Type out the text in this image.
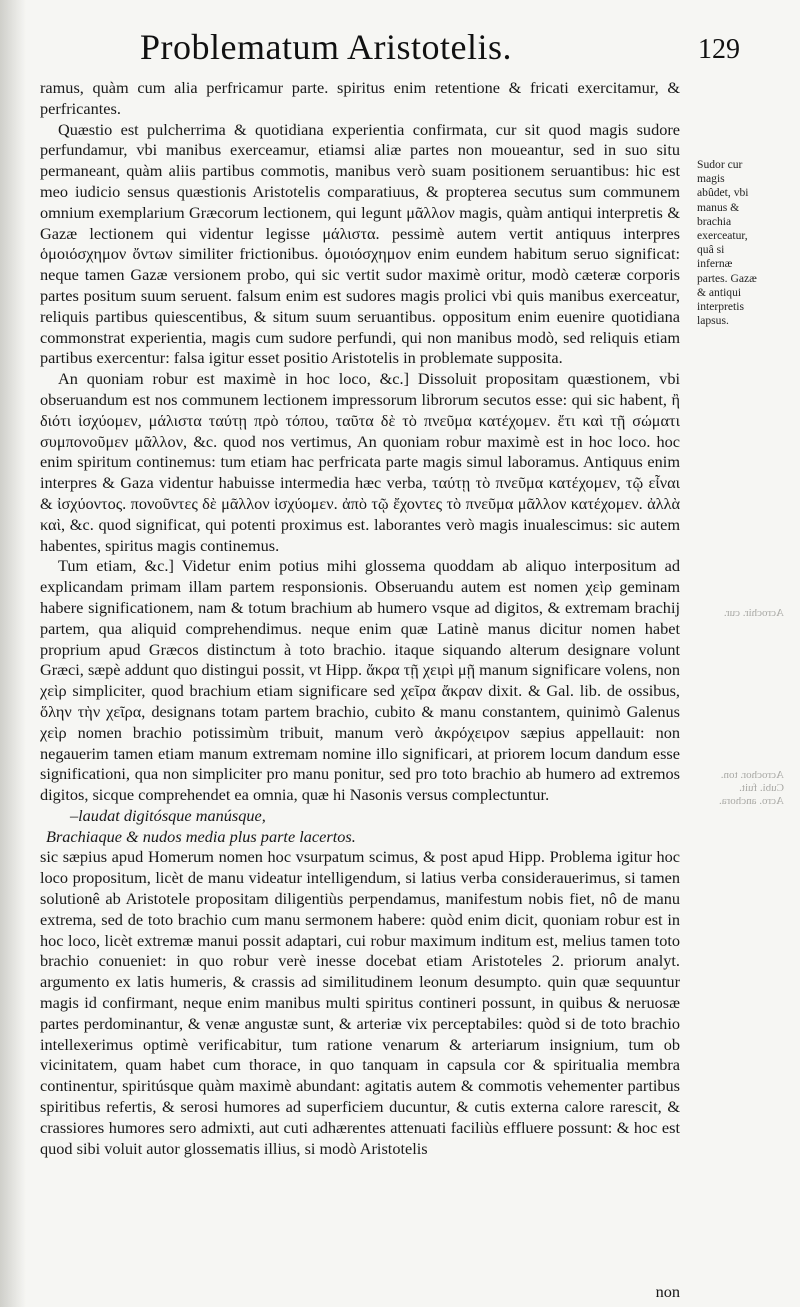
Problematum Aristotelis.	129

ramus, quàm cum alia perfricamur parte. spiritus enim retentione & fricati exercitamur, & perfricantes.

Quæstio est pulcherrima & quotidiana experientia confirmata, cur sit quod magis sudore perfundamur, vbi manibus exerceamur, etiamsi aliæ partes non moueantur, sed in suo situ permaneant, quàm aliis partibus commotis, manibus verò suam positionem seruantibus: hic est meo iudicio sensus quæstionis Aristotelis comparatiuus, & propterea secutus sum communem omnium exemplarium Græcorum lectionem, qui legunt μᾶλλον magis, quàm antiqui interpretis & Gazæ lectionem qui videntur legisse μάλιστα. pessimè autem vertit antiquus interpres ὁμοιόσχημον ὄντων similiter frictionibus. ὁμοιόσχημον enim eundem habitum seruo significat: neque tamen Gazæ versionem probo, qui sic vertit sudor maximè oritur, modò cæteræ corporis partes positum suum seruent. falsum enim est sudores magis prolici vbi quis manibus exerceatur, reliquis partibus quiescentibus, & situm suum seruantibus. oppositum enim euenire quotidiana commonstrat experientia, magis cum sudore perfundi, qui non manibus modò, sed reliquis etiam partibus exercentur: falsa igitur esset positio Aristotelis in problemate supposita.

An quoniam robur est maximè in hoc loco, &c.] Dissoluit propositam quæstionem, vbi obseruandum est nos communem lectionem impressorum librorum secutos esse: qui sic habent, ἢ διότι ἰσχύομεν, μάλιστα ταύτῃ πρὸ τόπου, ταῦτα δὲ τὸ πνεῦμα κατέχομεν. ἔτι καὶ τῇ σώματι συμπονοῦμεν μᾶλλον, &c. quod nos vertimus, An quoniam robur maximè est in hoc loco. hoc enim spiritum continemus: tum etiam hac perfricata parte magis simul laboramus. Antiquus enim interpres & Gaza videntur habuisse intermedia hæc verba, ταύτῃ τὸ πνεῦμα κατέχομεν, τῷ εἶναι & ἰσχύοντος. πονοῦντες δὲ μᾶλλον ἰσχύομεν. ἀπὸ τῷ ἔχοντες τὸ πνεῦμα μᾶλλον κατέχομεν. ἀλλὰ καὶ, &c. quod significat, qui potenti proximus est. laborantes verò magis inualescimus: sic autem habentes, spiritus magis continemus.

Tum etiam, &c.] Videtur enim potius mihi glossema quoddam ab aliquo interpositum ad explicandam primam illam partem responsionis. Obseruandu autem est nomen χεὶρ geminam habere significationem, nam & totum brachium ab humero vsque ad digitos, & extremam brachij partem, qua aliquid comprehendimus. neque enim quæ Latinè manus dicitur nomen habet proprium apud Græcos distinctum à toto brachio. itaque siquando alterum designare volunt Græci, sæpè addunt quo distingui possit, vt Hipp. ἄκρα τῇ χειρὶ μῇ manum significare volens, non χεὶρ simpliciter, quod brachium etiam significare sed χεῖρα ἄκραν dixit. & Gal. lib. de ossibus, ὅλην τὴν χεῖρα, designans totam partem brachio, cubito & manu constantem, quinimò Galenus χεὶρ nomen brachio potissimùm tribuit, manum verò ἀκρόχειρον sæpius appellauit: non negauerim tamen etiam manum extremam nomine illo significari, at priorem locum dandum esse significationi, qua non simpliciter pro manu ponitur, sed pro toto brachio ab humero ad extremos digitos, sicque comprehendet ea omnia, quæ hi Nasonis versus complectuntur.

–laudat digitósque manúsque,

Brachiaque & nudos media plus parte lacertos.

sic sæpius apud Homerum nomen hoc vsurpatum scimus, & post apud Hipp. Problema igitur hoc loco propositum, licèt de manu videatur intelligendum, si latius verba considerauerimus, si tamen solutionê ab Aristotele propositam diligentiùs perpendamus, manifestum nobis fiet, nô de manu extrema, sed de toto brachio cum manu sermonem habere: quòd enim dicit, quoniam robur est in hoc loco, licèt extremæ manui possit adaptari, cui robur maximum inditum est, melius tamen toto brachio conueniet: in quo robur verè inesse docebat etiam Aristoteles 2. priorum analyt. argumento ex latis humeris, & crassis ad similitudinem leonum desumpto. quin quæ sequuntur magis id confirmant, neque enim manibus multi spiritus contineri possunt, in quibus & neruosæ partes perdominantur, & venæ angustæ sunt, & arteriæ vix perceptabiles: quòd si de toto brachio intellexerimus optimè verificabitur, tum ratione venarum & arteriarum insignium, tum ob vicinitatem, quam habet cum thorace, in quo tanquam in capsula cor & spiritualia membra continentur, spiritúsque quàm maximè abundant: agitatis autem & commotis vehementer partibus spiritibus refertis, & serosi humores ad superficiem ducuntur, & cutis externa calore rarescit, & crassiores humores sero admixti, aut cuti adhærentes attenuati faciliùs effluere possunt: & hoc est quod sibi voluit autor glossematis illius, si modò Aristotelis

non
Sudor cur magis abûdet, vbi manus & brachia exerceatur, quâ si infernæ partes. Gazæ & antiqui interpretis lapsus.
Acrochir. cur.
Acrochor. ton. Cubi. fuit. Acro. anchora.
